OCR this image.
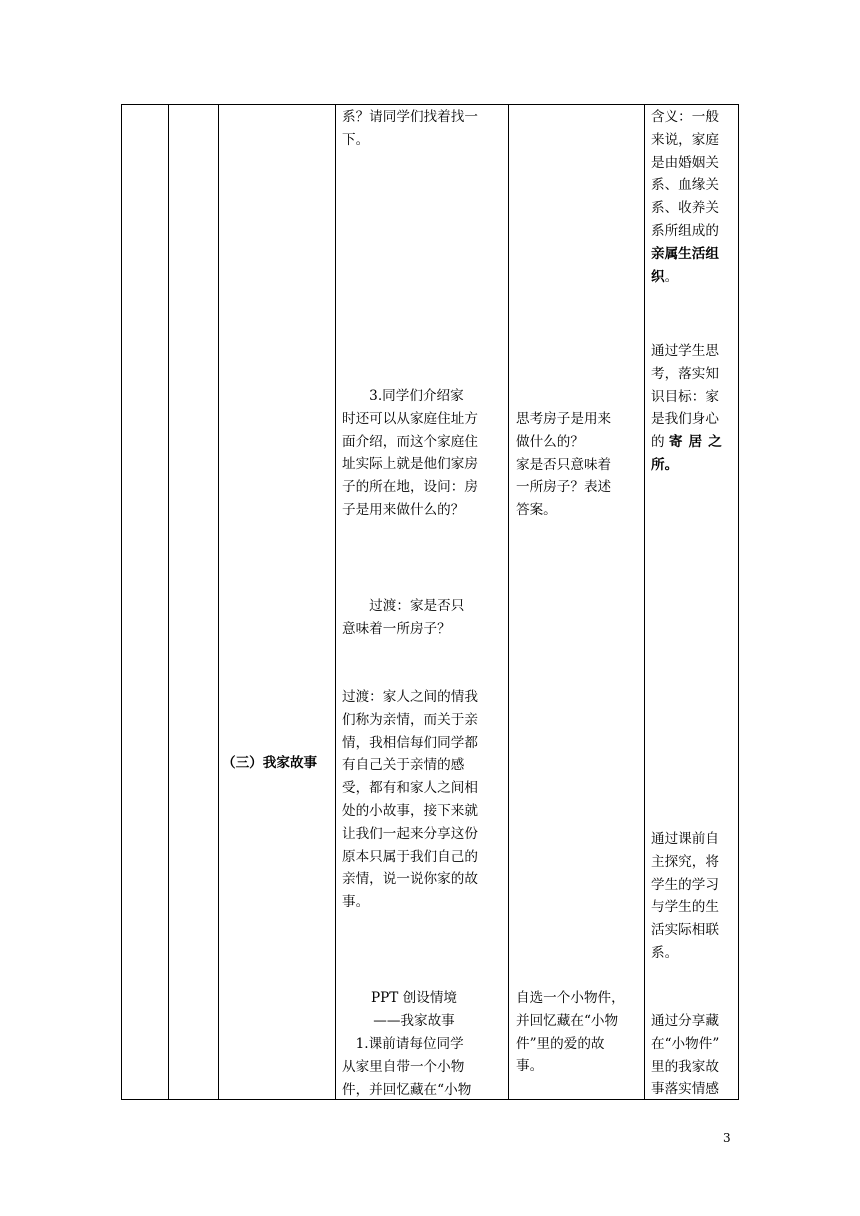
（三）我家故事
系？请同学们找着找一
下。
　　3.同学们介绍家
时还可以从家庭住址方
面介绍，而这个家庭住
址实际上就是他们家房
子的所在地，设问：房
子是用来做什么的？
　　过渡：家是否只
意味着一所房子？
过渡：家人之间的情我
们称为亲情，而关于亲
情，我相信每们同学都
有自己关于亲情的感
受，都有和家人之间相
处的小故事，接下来就
让我们一起来分享这份
原本只属于我们自己的
亲情，说一说你家的故
事。
PPT 创设情境
——我家故事
　1.课前请每位同学
从家里自带一个小物
件，并回忆藏在“小物
思考房子是用来
做什么的？
家是否只意味着
一所房子？表述
答案。
自选一个小物件，
并回忆藏在“小物
件”里的爱的故
事。
含义：一般
来说，家庭
是由婚姻关
系、血缘关
系、收养关
系所组成的
亲属生活组
织。
通过学生思
考，落实知
识目标：家
是我们身心
的 寄居之
所。
通过课前自
主探究，将
学生的学习
与学生的生
活实际相联
系。
通过分享藏
在“小物件”
里的我家故
事落实情感
3
